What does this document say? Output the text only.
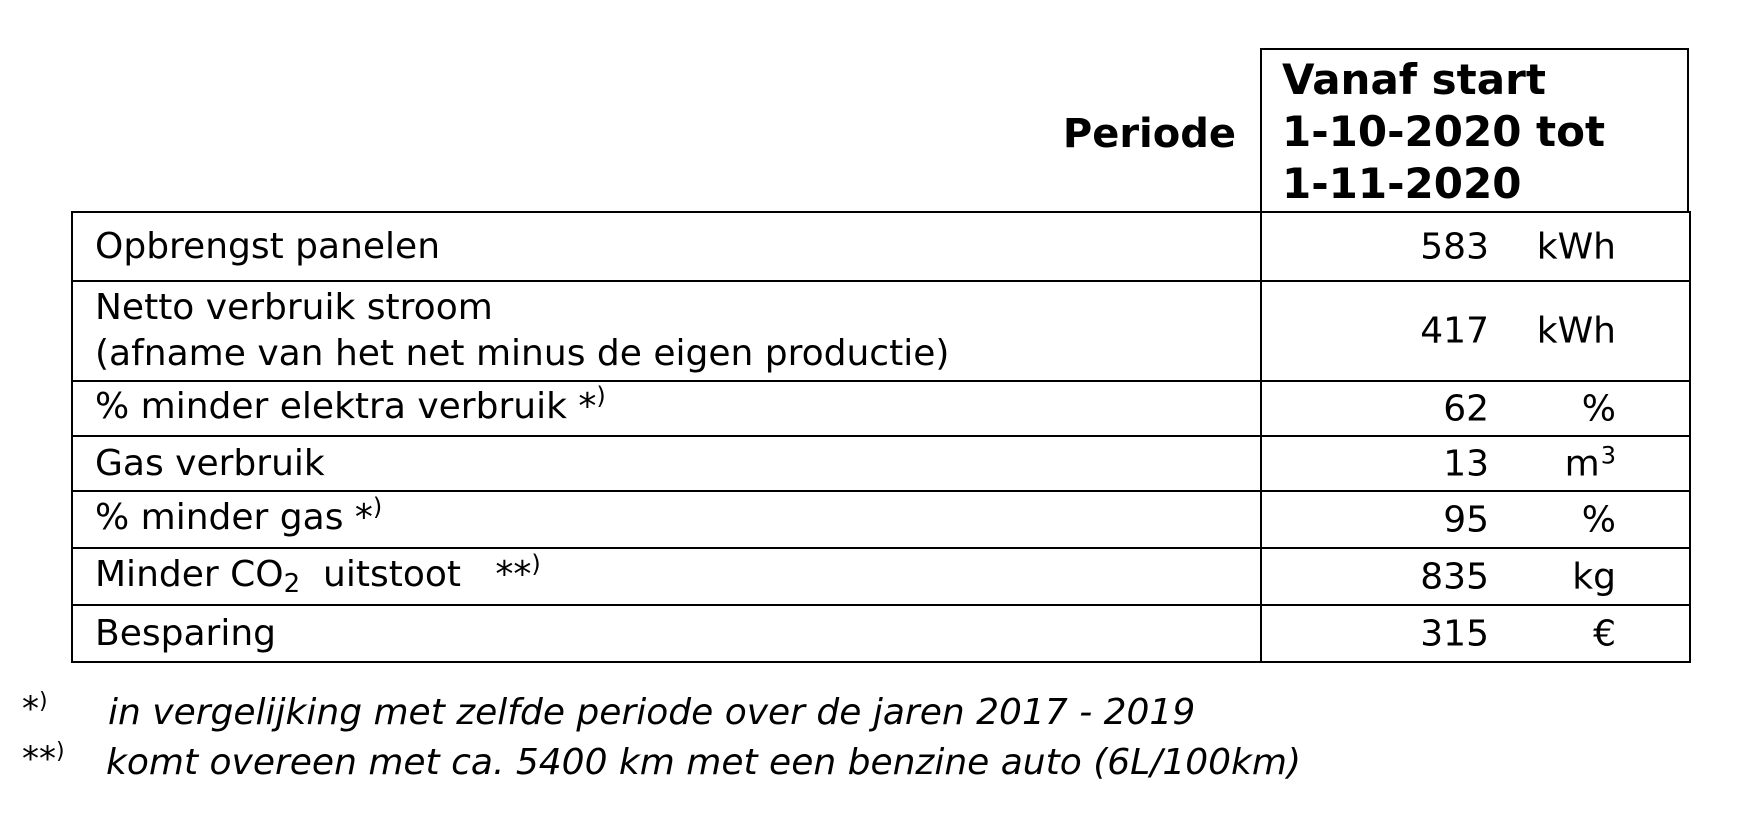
Periode
Vanaf start
1-10-2020 tot
1-11-2020
Opbrengst panelen	583 kWh

Netto verbruik stroom
(afname van het net minus de eigen productie)	417 kWh

% minder elektra verbruik *)	62 %

Gas verbruik	13 $m^3$

% minder gas *)	95 %

Minder $CO_2$  uitstoot   **)	835 kg

Besparing	315 €
*) in vergelijking met zelfde periode over de jaren 2017 - 2019
**) komt overeen met ca. 5400 km met een benzine auto (6L/100km)
